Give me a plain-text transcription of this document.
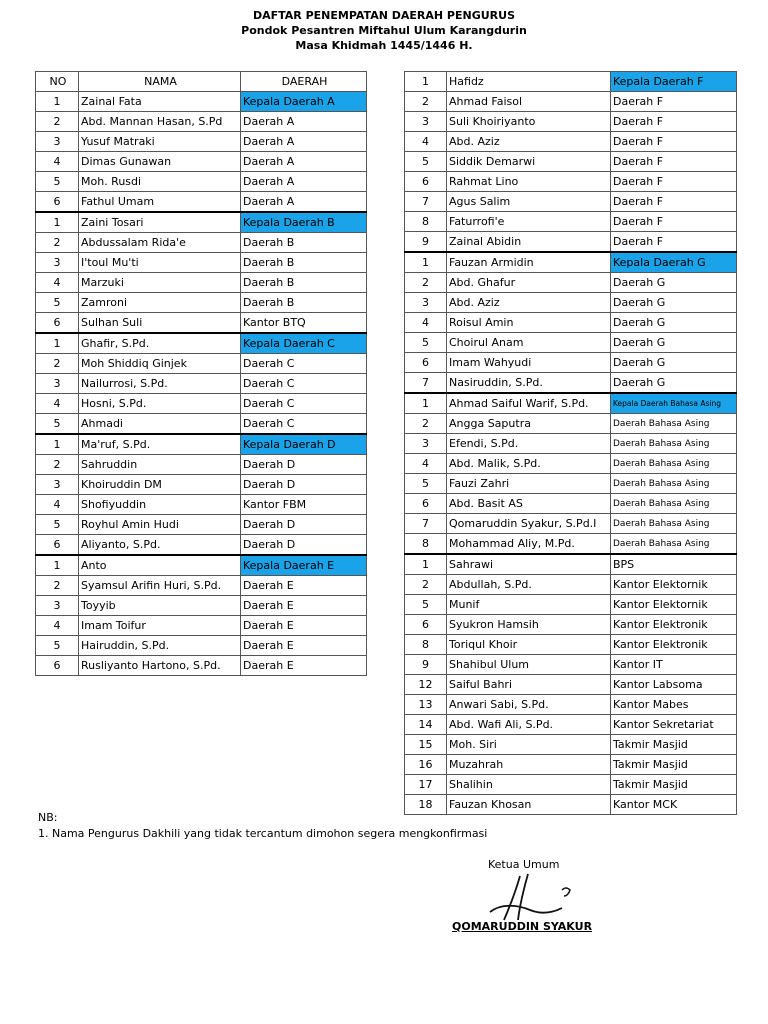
DAFTAR PENEMPATAN DAERAH PENGURUS
Pondok Pesantren Miftahul Ulum Karangdurin
Masa Khidmah 1445/1446 H.
NO	NAMA	DAERAH
1	Zainal Fata	Kepala Daerah A
2	Abd. Mannan Hasan, S.Pd	Daerah A
3	Yusuf Matraki	Daerah A
4	Dimas Gunawan	Daerah A
5	Moh. Rusdi	Daerah A
6	Fathul Umam	Daerah A
1	Zaini Tosari	Kepala Daerah B
2	Abdussalam Rida'e	Daerah B
3	I'toul Mu'ti	Daerah B
4	Marzuki	Daerah B
5	Zamroni	Daerah B
6	Sulhan Suli	Kantor BTQ
1	Ghafir, S.Pd.	Kepala Daerah C
2	Moh Shiddiq Ginjek	Daerah C
3	Nailurrosi, S.Pd.	Daerah C
4	Hosni, S.Pd.	Daerah C
5	Ahmadi	Daerah C
1	Ma'ruf, S.Pd.	Kepala Daerah D
2	Sahruddin	Daerah D
3	Khoiruddin DM	Daerah D
4	Shofiyuddin	Kantor FBM
5	Royhul Amin Hudi	Daerah D
6	Aliyanto, S.Pd.	Daerah D
1	Anto	Kepala Daerah E
2	Syamsul Arifin Huri, S.Pd.	Daerah E
3	Toyyib	Daerah E
4	Imam Toifur	Daerah E
5	Hairuddin, S.Pd.	Daerah E
6	Rusliyanto Hartono, S.Pd.	Daerah E
1	Hafidz	Kepala Daerah F
2	Ahmad Faisol	Daerah F
3	Suli Khoiriyanto	Daerah F
4	Abd. Aziz	Daerah F
5	Siddik Demarwi	Daerah F
6	Rahmat Lino	Daerah F
7	Agus Salim	Daerah F
8	Faturrofi'e	Daerah F
9	Zainal Abidin	Daerah F
1	Fauzan Armidin	Kepala Daerah G
2	Abd. Ghafur	Daerah G
3	Abd. Aziz	Daerah G
4	Roisul Amin	Daerah G
5	Choirul Anam	Daerah G
6	Imam Wahyudi	Daerah G
7	Nasiruddin, S.Pd.	Daerah G
1	Ahmad Saiful Warif, S.Pd.	Kepala Daerah Bahasa Asing
2	Angga Saputra	Daerah Bahasa Asing
3	Efendi, S.Pd.	Daerah Bahasa Asing
4	Abd. Malik, S.Pd.	Daerah Bahasa Asing
5	Fauzi Zahri	Daerah Bahasa Asing
6	Abd. Basit AS	Daerah Bahasa Asing
7	Qomaruddin Syakur, S.Pd.I	Daerah Bahasa Asing
8	Mohammad Aliy, M.Pd.	Daerah Bahasa Asing
1	Sahrawi	BPS
2	Abdullah, S.Pd.	Kantor Elektornik
5	Munif	Kantor Elektornik
6	Syukron Hamsih	Kantor Elektronik
8	Toriqul Khoir	Kantor Elektronik
9	Shahibul Ulum	Kantor IT
12	Saiful Bahri	Kantor Labsoma
13	Anwari Sabi, S.Pd.	Kantor Mabes
14	Abd. Wafi Ali, S.Pd.	Kantor Sekretariat
15	Moh. Siri	Takmir Masjid
16	Muzahrah	Takmir Masjid
17	Shalihin	Takmir Masjid
18	Fauzan Khosan	Kantor MCK
NB:
1. Nama Pengurus Dakhili yang tidak tercantum dimohon segera mengkonfirmasi
Ketua Umum
QOMARUDDIN SYAKUR
